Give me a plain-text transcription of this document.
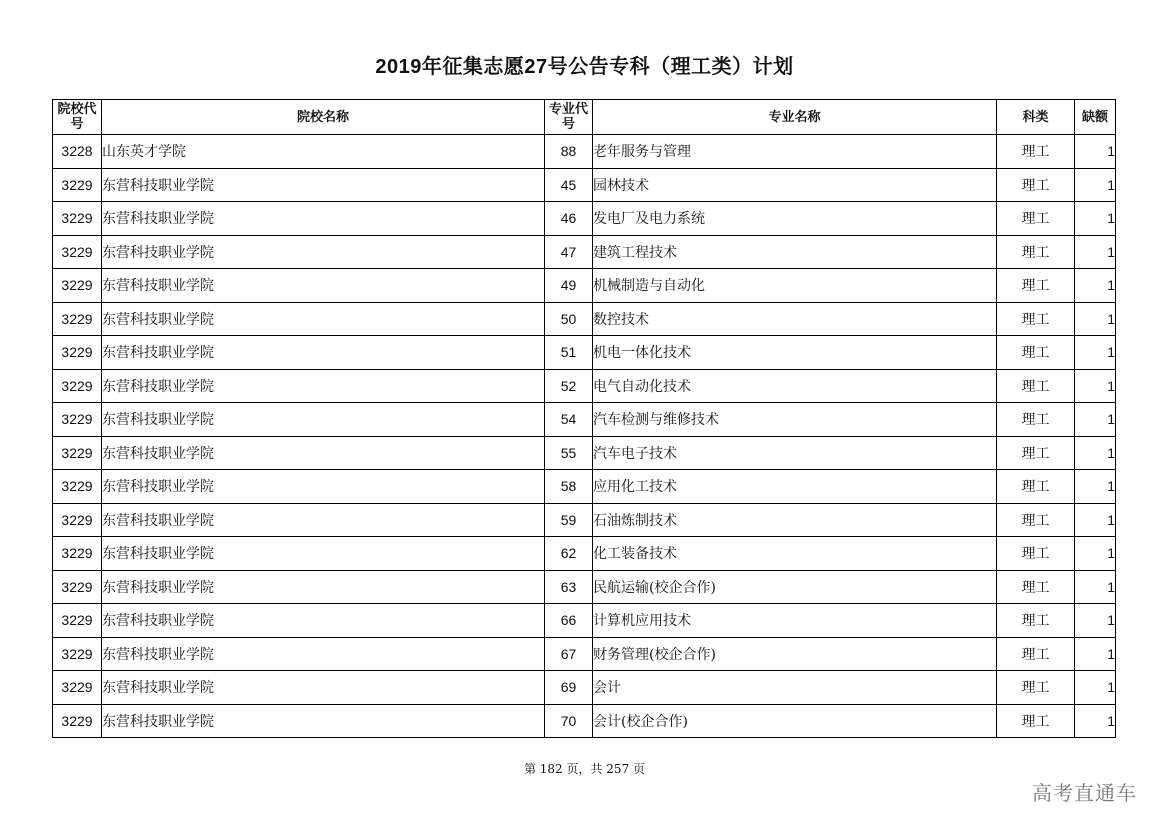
2019年征集志愿27号公告专科（理工类）计划
院校代号	院校名称	专业代号	专业名称	科类	缺额
3228	山东英才学院	88	老年服务与管理	理工	1
3229	东营科技职业学院	45	园林技术	理工	1
3229	东营科技职业学院	46	发电厂及电力系统	理工	1
3229	东营科技职业学院	47	建筑工程技术	理工	1
3229	东营科技职业学院	49	机械制造与自动化	理工	1
3229	东营科技职业学院	50	数控技术	理工	1
3229	东营科技职业学院	51	机电一体化技术	理工	1
3229	东营科技职业学院	52	电气自动化技术	理工	1
3229	东营科技职业学院	54	汽车检测与维修技术	理工	1
3229	东营科技职业学院	55	汽车电子技术	理工	1
3229	东营科技职业学院	58	应用化工技术	理工	1
3229	东营科技职业学院	59	石油炼制技术	理工	1
3229	东营科技职业学院	62	化工装备技术	理工	1
3229	东营科技职业学院	63	民航运输(校企合作)	理工	1
3229	东营科技职业学院	66	计算机应用技术	理工	1
3229	东营科技职业学院	67	财务管理(校企合作)	理工	1
3229	东营科技职业学院	69	会计	理工	1
3229	东营科技职业学院	70	会计(校企合作)	理工	1
第 182 页，共 257 页
高考直通车
